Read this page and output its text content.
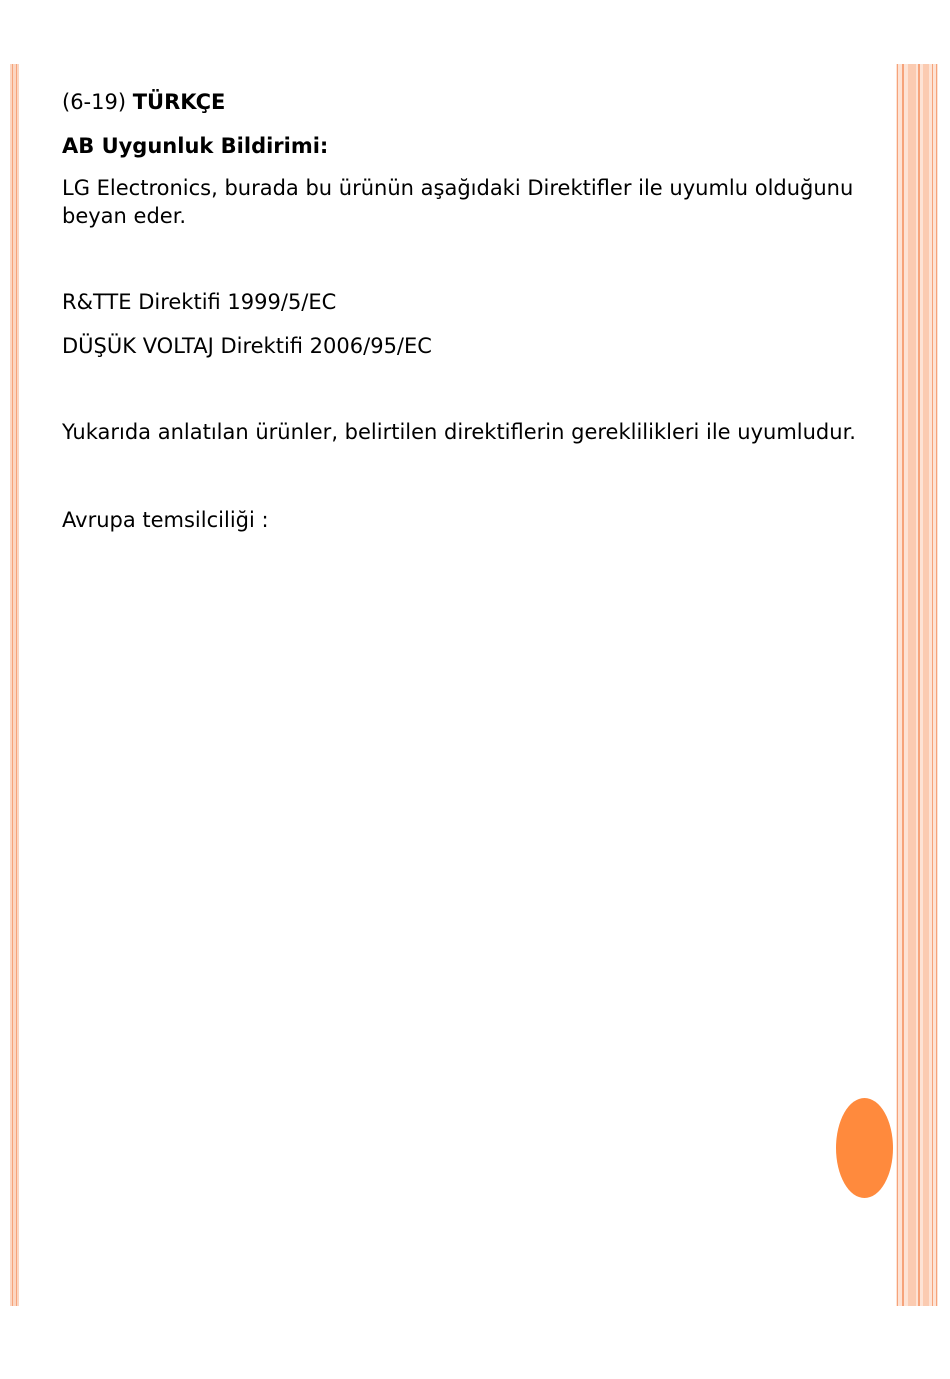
(6-19) TÜRKÇE

AB Uygunluk Bildirimi:

LG Electronics, burada bu ürünün aşağıdaki Direktifler ile uyumlu olduğunu beyan eder.

R&TTE Direktifi 1999/5/EC

DÜŞÜK VOLTAJ Direktifi 2006/95/EC

Yukarıda anlatılan ürünler, belirtilen direktiflerin gereklilikleri ile uyumludur.

Avrupa temsilciliği :
